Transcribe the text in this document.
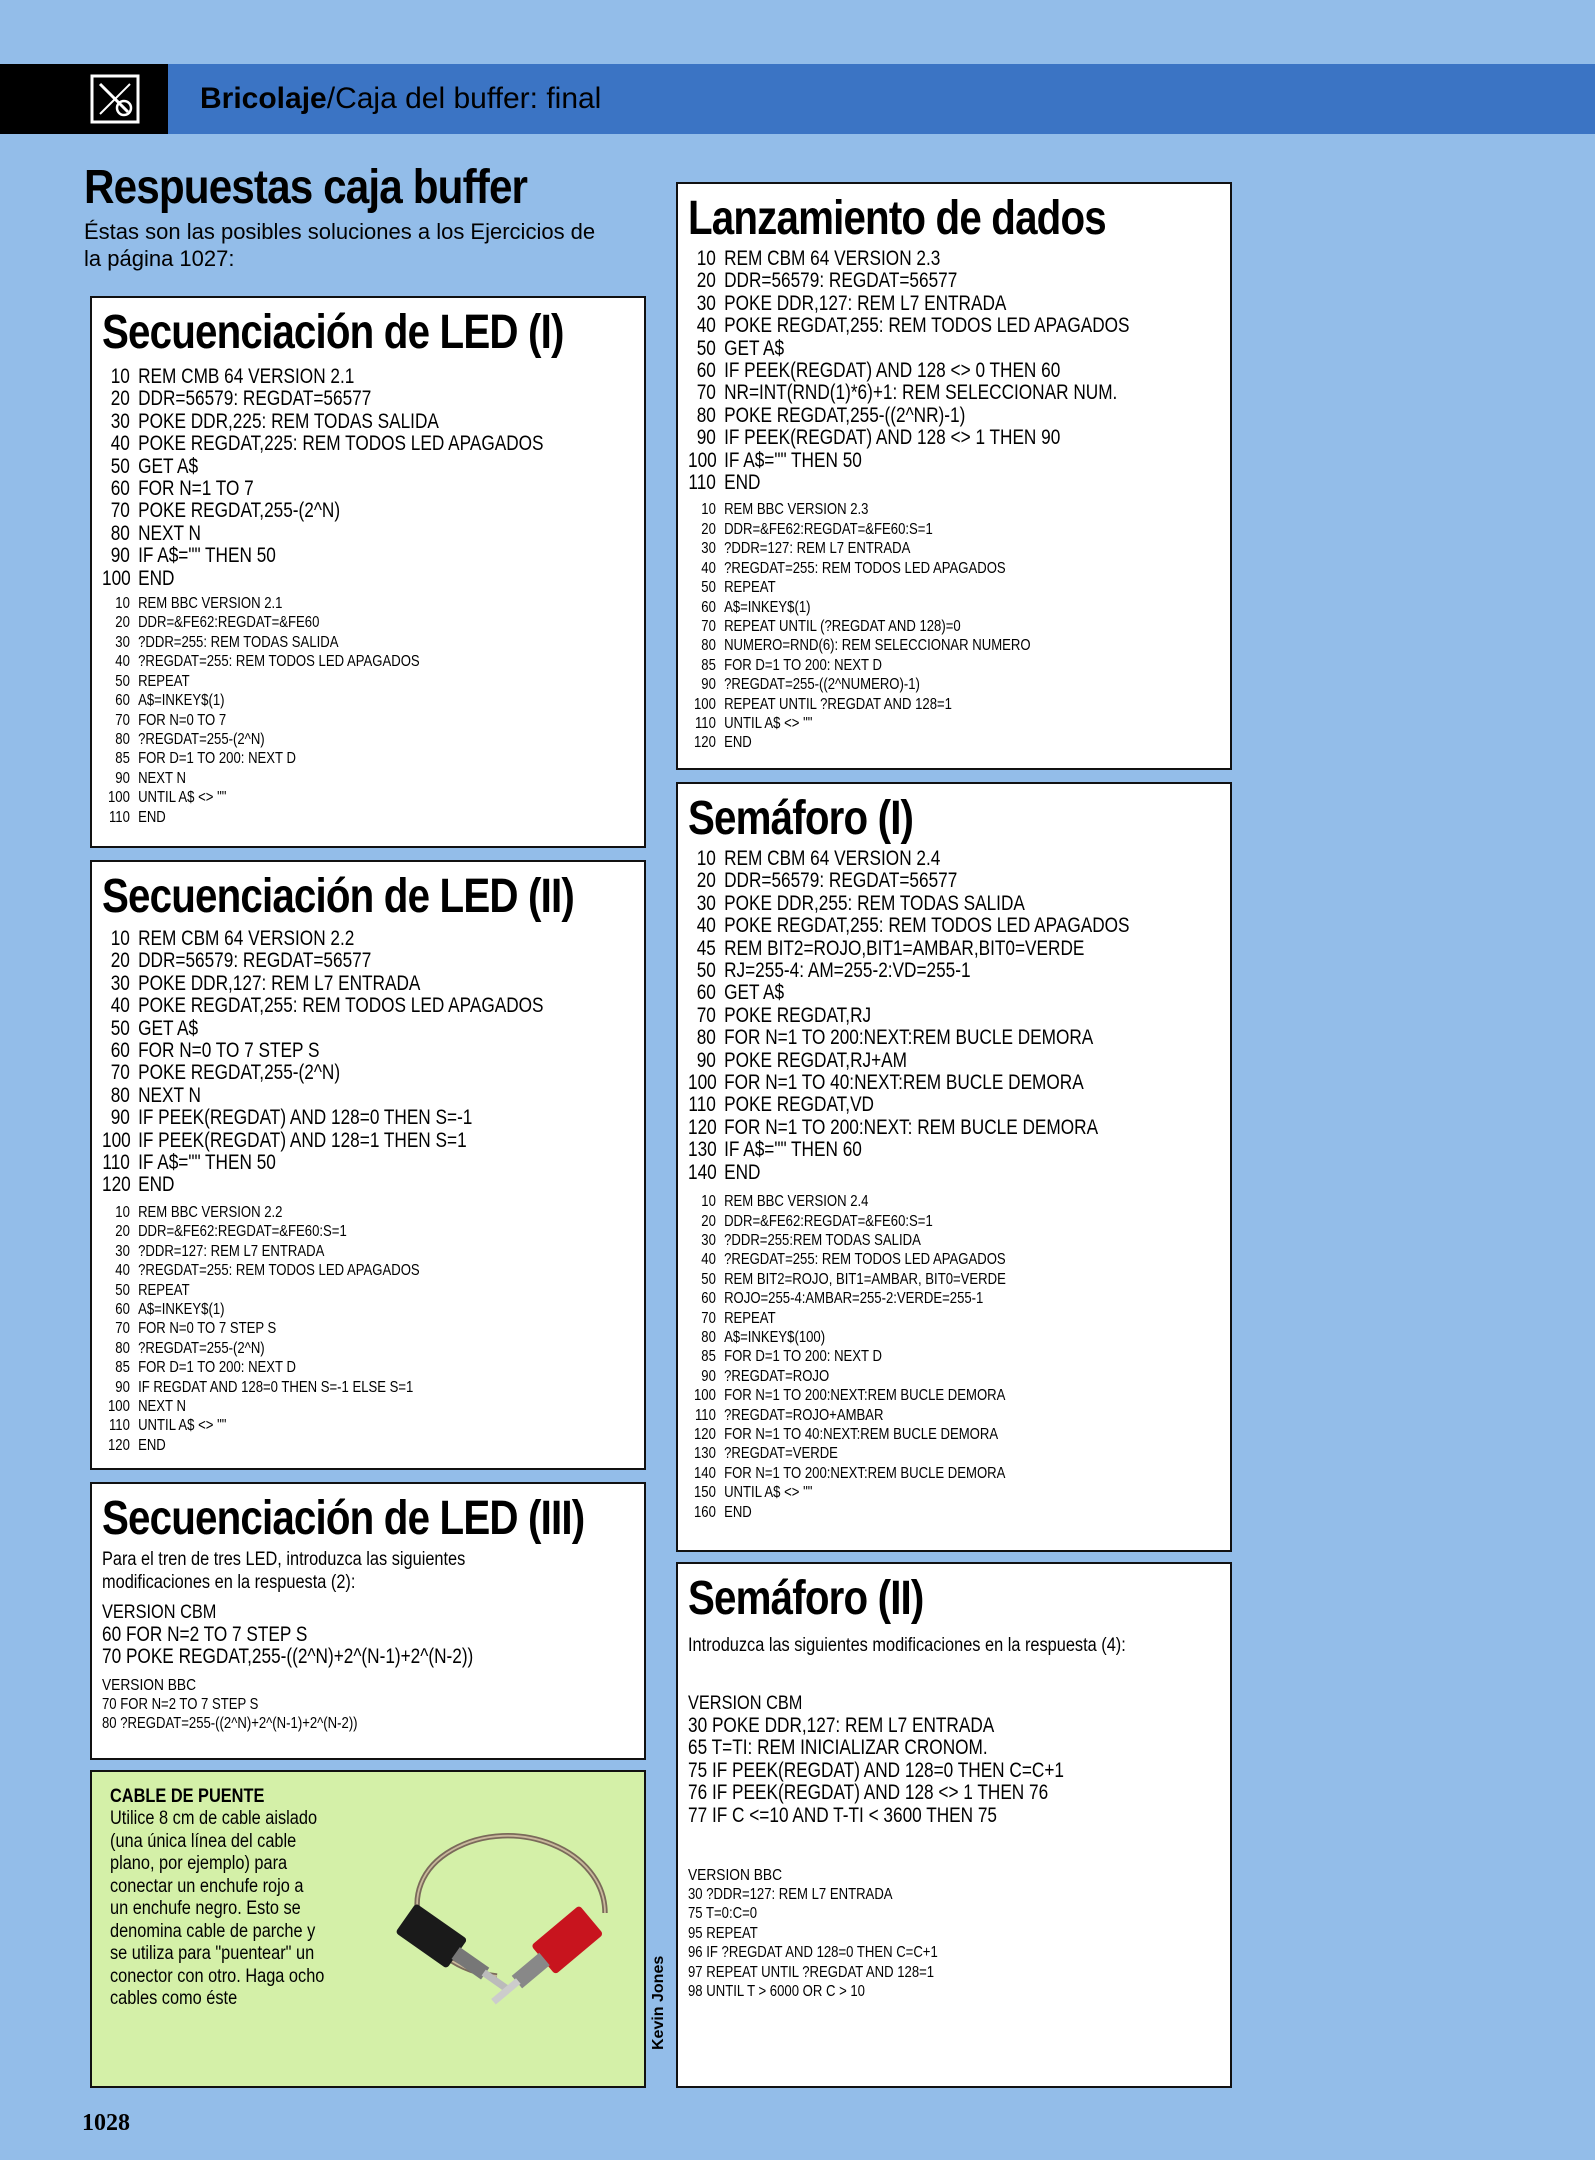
Bricolaje/Caja del buffer: final
Respuestas caja buffer
Éstas son las posibles soluciones a los Ejercicios de la página 1027:
Secuenciación de LED (I)
10 REM CMB 64 VERSION 2.1
20 DDR=56579: REGDAT=56577
30 POKE DDR,225: REM TODAS SALIDA
40 POKE REGDAT,225: REM TODOS LED APAGADOS
50 GET A$
60 FOR N=1 TO 7
70 POKE REGDAT,255-(2^N)
80 NEXT N
90 IF A$="" THEN 50
100 END
10 REM BBC VERSION 2.1
20 DDR=&FE62:REGDAT=&FE60
30 ?DDR=255: REM TODAS SALIDA
40 ?REGDAT=255: REM TODOS LED APAGADOS
50 REPEAT
60 A$=INKEY$(1)
70 FOR N=0 TO 7
80 ?REGDAT=255-(2^N)
85 FOR D=1 TO 200: NEXT D
90 NEXT N
100 UNTIL A$ <> ""
110 END
Secuenciación de LED (II)
10 REM CBM 64 VERSION 2.2
20 DDR=56579: REGDAT=56577
30 POKE DDR,127: REM L7 ENTRADA
40 POKE REGDAT,255: REM TODOS LED APAGADOS
50 GET A$
60 FOR N=0 TO 7 STEP S
70 POKE REGDAT,255-(2^N)
80 NEXT N
90 IF PEEK(REGDAT) AND 128=0 THEN S=-1
100 IF PEEK(REGDAT) AND 128=1 THEN S=1
110 IF A$="" THEN 50
120 END
10 REM BBC VERSION 2.2
20 DDR=&FE62:REGDAT=&FE60:S=1
30 ?DDR=127: REM L7 ENTRADA
40 ?REGDAT=255: REM TODOS LED APAGADOS
50 REPEAT
60 A$=INKEY$(1)
70 FOR N=0 TO 7 STEP S
80 ?REGDAT=255-(2^N)
85 FOR D=1 TO 200: NEXT D
90 IF REGDAT AND 128=0 THEN S=-1 ELSE S=1
100 NEXT N
110 UNTIL A$ <> ""
120 END
Secuenciación de LED (III)
Para el tren de tres LED, introduzca las siguientes modificaciones en la respuesta (2):
VERSION CBM
60 FOR N=2 TO 7 STEP S
70 POKE REGDAT,255-((2^N)+2^(N-1)+2^(N-2))
VERSION BBC
70 FOR N=2 TO 7 STEP S
80 ?REGDAT=255-((2^N)+2^(N-1)+2^(N-2))
CABLE DE PUENTE
Utilice 8 cm de cable aislado (una única línea del cable plano, por ejemplo) para conectar un enchufe rojo a un enchufe negro. Esto se denomina cable de parche y se utiliza para "puentear" un conector con otro. Haga ocho cables como éste
Lanzamiento de dados
10 REM CBM 64 VERSION 2.3
20 DDR=56579: REGDAT=56577
30 POKE DDR,127: REM L7 ENTRADA
40 POKE REGDAT,255: REM TODOS LED APAGADOS
50 GET A$
60 IF PEEK(REGDAT) AND 128 <> 0 THEN 60
70 NR=INT(RND(1)*6)+1: REM SELECCIONAR NUM.
80 POKE REGDAT,255-((2^NR)-1)
90 IF PEEK(REGDAT) AND 128 <> 1 THEN 90
100 IF A$="" THEN 50
110 END
10 REM BBC VERSION 2.3
20 DDR=&FE62:REGDAT=&FE60:S=1
30 ?DDR=127: REM L7 ENTRADA
40 ?REGDAT=255: REM TODOS LED APAGADOS
50 REPEAT
60 A$=INKEY$(1)
70 REPEAT UNTIL (?REGDAT AND 128)=0
80 NUMERO=RND(6): REM SELECCIONAR NUMERO
85 FOR D=1 TO 200: NEXT D
90 ?REGDAT=255-((2^NUMERO)-1)
100 REPEAT UNTIL ?REGDAT AND 128=1
110 UNTIL A$ <> ""
120 END
Semáforo (I)
10 REM CBM 64 VERSION 2.4
20 DDR=56579: REGDAT=56577
30 POKE DDR,255: REM TODAS SALIDA
40 POKE REGDAT,255: REM TODOS LED APAGADOS
45 REM BIT2=ROJO,BIT1=AMBAR,BIT0=VERDE
50 RJ=255-4: AM=255-2:VD=255-1
60 GET A$
70 POKE REGDAT,RJ
80 FOR N=1 TO 200:NEXT:REM BUCLE DEMORA
90 POKE REGDAT,RJ+AM
100 FOR N=1 TO 40:NEXT:REM BUCLE DEMORA
110 POKE REGDAT,VD
120 FOR N=1 TO 200:NEXT: REM BUCLE DEMORA
130 IF A$="" THEN 60
140 END
10 REM BBC VERSION 2.4
20 DDR=&FE62:REGDAT=&FE60:S=1
30 ?DDR=255:REM TODAS SALIDA
40 ?REGDAT=255: REM TODOS LED APAGADOS
50 REM BIT2=ROJO, BIT1=AMBAR, BIT0=VERDE
60 ROJO=255-4:AMBAR=255-2:VERDE=255-1
70 REPEAT
80 A$=INKEY$(100)
85 FOR D=1 TO 200: NEXT D
90 ?REGDAT=ROJO
100 FOR N=1 TO 200:NEXT:REM BUCLE DEMORA
110 ?REGDAT=ROJO+AMBAR
120 FOR N=1 TO 40:NEXT:REM BUCLE DEMORA
130 ?REGDAT=VERDE
140 FOR N=1 TO 200:NEXT:REM BUCLE DEMORA
150 UNTIL A$ <> ""
160 END
Semáforo (II)
Introduzca las siguientes modificaciones en la respuesta (4):
VERSION CBM
30 POKE DDR,127: REM L7 ENTRADA
65 T=TI: REM INICIALIZAR CRONOM.
75 IF PEEK(REGDAT) AND 128=0 THEN C=C+1
76 IF PEEK(REGDAT) AND 128 <> 1 THEN 76
77 IF C <=10 AND T-TI < 3600 THEN 75
VERSION BBC
30 ?DDR=127: REM L7 ENTRADA
75 T=0:C=0
95 REPEAT
96 IF ?REGDAT AND 128=0 THEN C=C+1
97 REPEAT UNTIL ?REGDAT AND 128=1
98 UNTIL T > 6000 OR C > 10
1028
Kevin Jones
